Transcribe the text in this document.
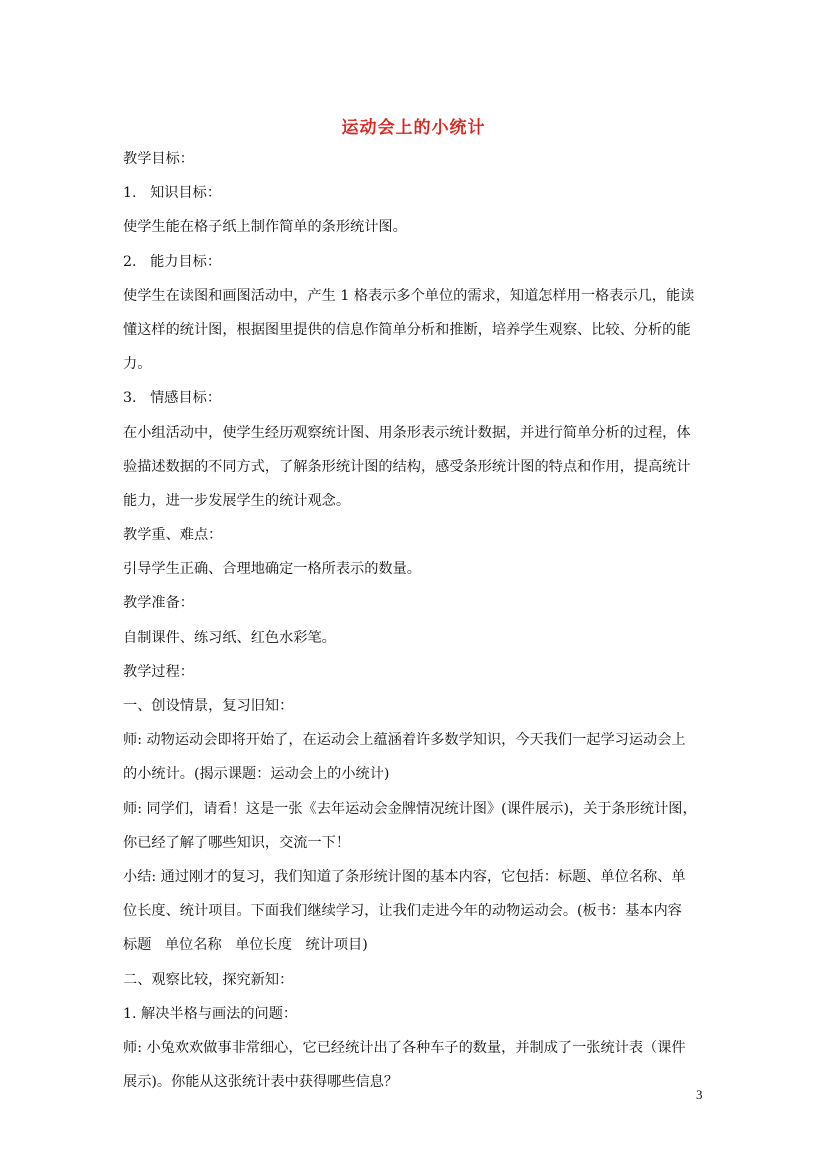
运动会上的小统计
教学目标：
1.   知识目标：
使学生能在格子纸上制作简单的条形统计图。
2.   能力目标：
使学生在读图和画图活动中，产生 1 格表示多个单位的需求，知道怎样用一格表示几，能读
懂这样的统计图，根据图里提供的信息作简单分析和推断，培养学生观察、比较、分析的能
力。
3.   情感目标：
在小组活动中，使学生经历观察统计图、用条形表示统计数据，并进行简单分析的过程，体
验描述数据的不同方式，了解条形统计图的结构，感受条形统计图的特点和作用，提高统计
能力，进一步发展学生的统计观念。
教学重、难点：
引导学生正确、合理地确定一格所表示的数量。
教学准备：
自制课件、练习纸、红色水彩笔。
教学过程：
一、创设情景，复习旧知：
师: 动物运动会即将开始了，在运动会上蕴涵着许多数学知识，今天我们一起学习运动会上
的小统计。(揭示课题：运动会上的小统计)
师: 同学们，请看！这是一张《去年运动会金牌情况统计图》(课件展示)，关于条形统计图，
你已经了解了哪些知识，交流一下！
小结: 通过刚才的复习，我们知道了条形统计图的基本内容，它包括：标题、单位名称、单
位长度、统计项目。下面我们继续学习，让我们走进今年的动物运动会。(板书：基本内容
标题   单位名称   单位长度   统计项目)
二、观察比较，探究新知：
1. 解决半格与画法的问题：
师: 小兔欢欢做事非常细心，它已经统计出了各种车子的数量，并制成了一张统计表（课件
展示)。你能从这张统计表中获得哪些信息？
3
